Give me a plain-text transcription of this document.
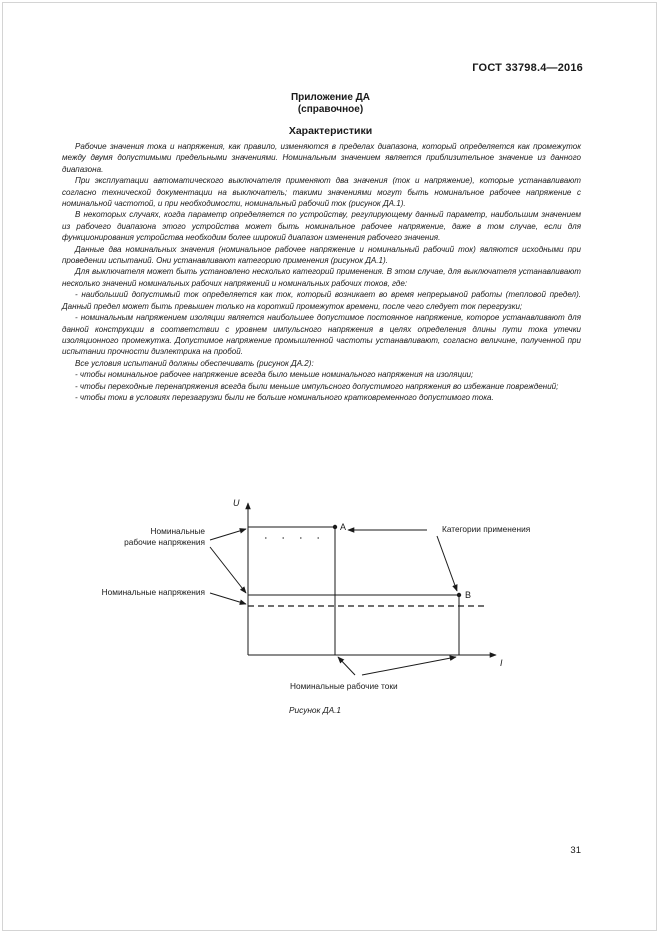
ГОСТ 33798.4—2016
Приложение ДА
(справочное)
Характеристики

Рабочие значения тока и напряжения, как правило, изменяются в пределах диапазона, который определяется как промежуток между двумя допустимыми предельными значениями. Номинальным значением является приблизительное значение из данного диапазона.

При эксплуатации автоматического выключателя применяют два значения (ток и напряжение), которые устанавливают согласно технической документации на выключатель; такими значениями могут быть номинальное рабочее напряжение с номинальной частотой, и при необходимости, номинальный рабочий ток (рисунок ДА.1).

В некоторых случаях, когда параметр определяется по устройству, регулирующему данный параметр, наибольшим значением из рабочего диапазона этого устройства может быть номинальное рабочее напряжение, даже в том случае, если для функционирования устройства необходим более широкий диапазон изменения рабочего значения.

Данные два номинальных значения (номинальное рабочее напряжение и номинальный рабочий ток) являются исходными при проведении испытаний. Они устанавливают категорию применения (рисунок ДА.1).

Для выключателя может быть установлено несколько категорий применения. В этом случае, для выключателя устанавливают несколько значений номинальных рабочих напряжений и номинальных рабочих токов, где:

- наибольший допустимый ток определяется как ток, который возникает во время непрерывной работы (тепловой предел). Данный предел может быть превышен только на короткий промежуток времени, после чего следует ток перегрузки;

- номинальным напряжением изоляции является наибольшее допустимое постоянное напряжение, которое устанавливают для данной конструкции в соответствии с уровнем импульсного напряжения в целях определения длины пути тока утечки изоляционного промежутка. Допустимое напряжение промышленной частоты устанавливают, согласно величине, полученной при испытании прочности диэлектрика на пробой.

Все условия испытаний должны обеспечивать (рисунок ДА.2):

- чтобы номинальное рабочее напряжение всегда было меньше номинального напряжения на изоляции;

- чтобы переходные перенапряжения всегда были меньше импульсного допустимого напряжения во избежание повреждений;

- чтобы токи в условиях перезагрузки были не больше номинального кратковременного допустимого тока.

U
I
A
B
Номинальные
рабочие напряжения
Номинальные напряжения
Категории применения
Номинальные рабочие токи
Рисунок ДА.1
31
